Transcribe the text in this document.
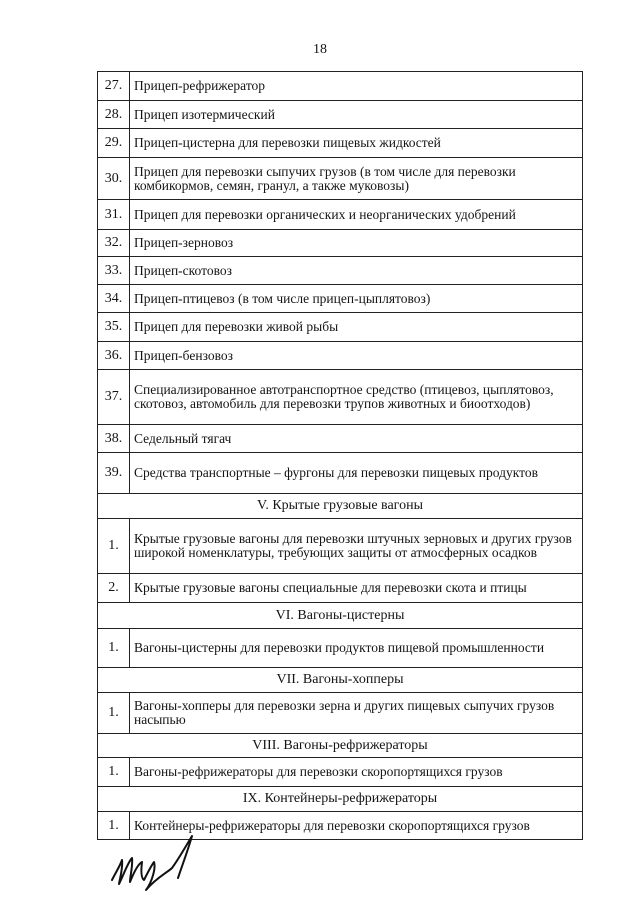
18
27. Прицеп-рефрижератор
28. Прицеп изотермический
29. Прицеп-цистерна для перевозки пищевых жидкостей
30. Прицеп для перевозки сыпучих грузов (в том числе для перевозки комбикормов, семян, гранул, а также муковозы)
31. Прицеп для перевозки органических и неорганических удобрений
32. Прицеп-зерновоз
33. Прицеп-скотовоз
34. Прицеп-птицевоз (в том числе прицеп-цыплятовоз)
35. Прицеп для перевозки живой рыбы
36. Прицеп-бензовоз
37. Специализированное автотранспортное средство (птицевоз, цыплятовоз, скотовоз, автомобиль для перевозки трупов животных и биоотходов)
38. Седельный тягач
39. Средства транспортные – фургоны для перевозки пищевых продуктов
V. Крытые грузовые вагоны
1.	Крытые грузовые вагоны для перевозки штучных зерновых и других грузов широкой номенклатуры, требующих защиты от атмосферных осадков
2.	Крытые грузовые вагоны специальные для перевозки скота и птицы
VI. Вагоны-цистерны
1.	Вагоны-цистерны для перевозки продуктов пищевой промышленности
VII. Вагоны-хопперы
1.	Вагоны-хопперы для перевозки зерна и других пищевых сыпучих грузов насыпью
VIII. Вагоны-рефрижераторы
1.	Вагоны-рефрижераторы для перевозки скоропортящихся грузов
IX. Контейнеры-рефрижераторы
1.	Контейнеры-рефрижераторы для перевозки скоропортящихся грузов
